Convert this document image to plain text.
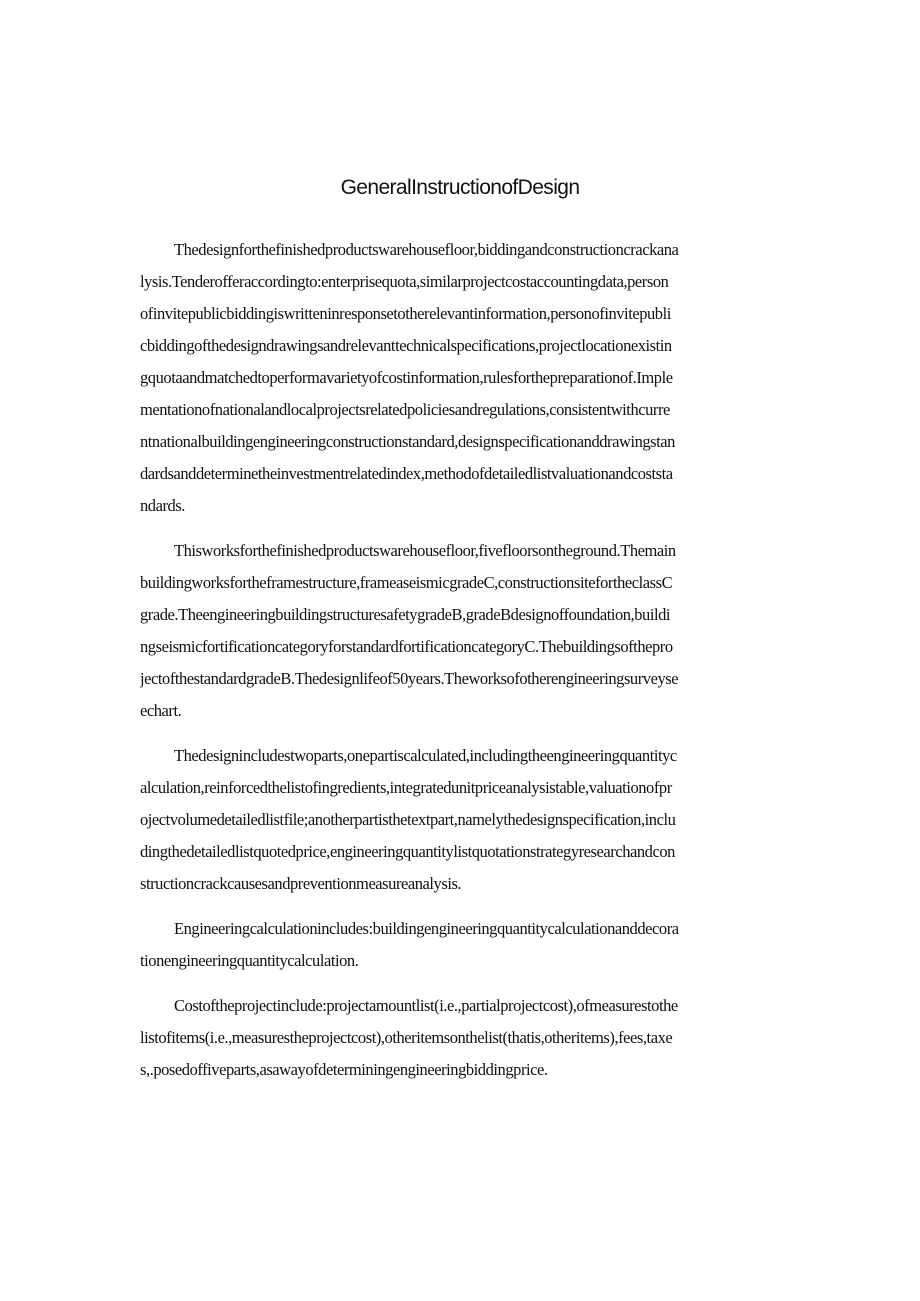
GeneralInstructionofDesign

Thedesignforthefinishedproductswarehousefloor,biddingandconstructioncrackana
lysis.Tenderofferaccordingto:enterprisequota,similarprojectcostaccountingdata,person
ofinvitepublicbiddingiswritteninresponsetotherelevantinformation,personofinvitepubli
cbiddingofthedesigndrawingsandrelevanttechnicalspecifications,projectlocationexistin
gquotaandmatchedtoperformavarietyofcostinformation,rulesforthepreparationof.Imple
mentationofnationalandlocalprojectsrelatedpoliciesandregulations,consistentwithcurre
ntnationalbuildingengineeringconstructionstandard,designspecificationanddrawingstan
dardsanddeterminetheinvestmentrelatedindex,methodofdetailedlistvaluationandcoststa
ndards.

Thisworksforthefinishedproductswarehousefloor,fivefloorsontheground.Themain
buildingworksfortheframestructure,frameaseismicgradeC,constructionsitefortheclassC
grade.TheengineeringbuildingstructuresafetygradeB,gradeBdesignoffoundation,buildi
ngseismicfortificationcategoryforstandardfortificationcategoryC.Thebuildingsofthepro
jectofthestandardgradeB.Thedesignlifeof50years.Theworksofotherengineeringsurveyse
echart.

Thedesignincludestwoparts,onepartiscalculated,includingtheengineeringquantityc
alculation,reinforcedthelistofingredients,integratedunitpriceanalysistable,valuationofpr
ojectvolumedetailedlistfile;anotherpartisthetextpart,namelythedesignspecification,inclu
dingthedetailedlistquotedprice,engineeringquantitylistquotationstrategyresearchandcon
structioncrackcausesandpreventionmeasureanalysis.

Engineeringcalculationincludes:buildingengineeringquantitycalculationanddecora
tionengineeringquantitycalculation.

Costoftheprojectinclude:projectamountlist(i.e.,partialprojectcost),ofmeasurestothe
listofitems(i.e.,measurestheprojectcost),otheritemsonthelist(thatis,otheritems),fees,taxe
s,.posedoffiveparts,asawayofdeterminingengineeringbiddingprice.
